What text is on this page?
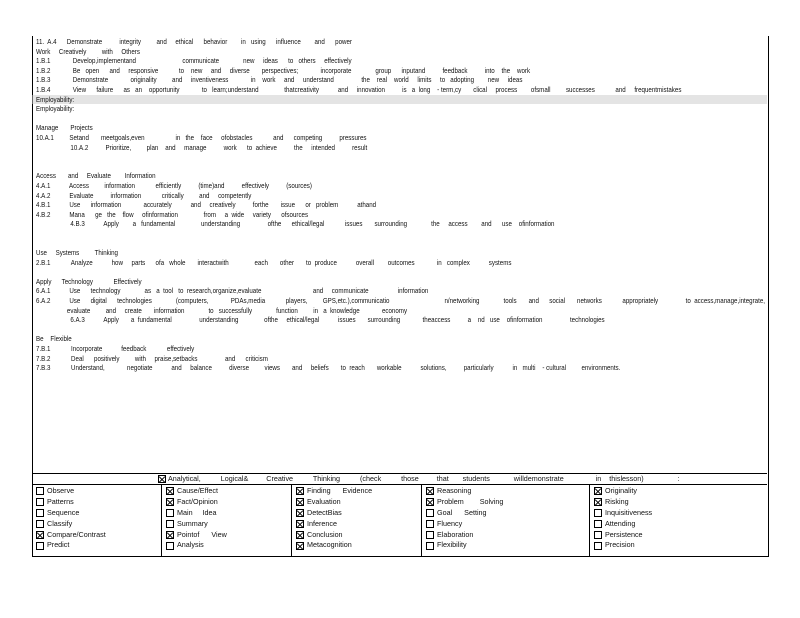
11.  A.4      Demonstrate          integrity         and     ethical      behavior        in   using      influence        and      power
Work     Creatively         with     Others
1.B.1             Develop,implementand                           communicate              new     ideas      to   others     effectively
1.B.2             Be   open      and     responsive            to    new     and     diverse       perspectives;             incorporate              group      inputand          feedback          into    the    work
1.B.3             Demonstrate             originality         and     inventiveness             in    work     and     understand                the    real    world     limits     to   adopting        new     ideas
1.B.4             View      failure      as   an    opportunity             to   learn;understand               thatcreativity           and     innovation          is   a  long    - term,cy       clical     process        ofsmall         successes            and     frequentmistakes
Employability:
Employability:
Manage       Projects
10.A.1         Setand       meetgoals,even                  in   the    face     ofobstacles            and      competing          pressures
10.A.2          Prioritize,         plan    and     manage          work      to  achieve          the     intended          result
Access       and     Evaluate        Information
4.A.1           Access         information            efficiently          (time)and          effectively          (sources)
4.A.2           Evaluate          information            critically         and     competently
4.B.1           Use      information             accurately           and     creatively          forthe       issue      or   problem           athand
4.B.2           Mana      ge   the    flow     ofinformation               from     a  wide     variety      ofsources
4.B.3           Apply        a   fundamental               understanding                ofthe      ethical/legal            issues       surrounding              the     access        and      use    ofinformation
Use     Systems         Thinking
2.B.1            Analyze           how     parts      ofa   whole       interactwith               each       other       to  produce           overall        outcomes             in   complex           systems
Apply      Technology            Effectively
6.A.1           Use      technology              as   a  tool   to  research,organize,evaluate                              and     communicate                 information
6.A.2           Use      digital      technologies              (computers,             PDAs,media            players,         GPS,etc.),communicatio                                n/networking              tools       and      social       networks            appropriately                to  access,manage,integrate,
evaluate         and     create       information              to   successfully              function         in   a  knowledge             economy
6.A.3           Apply       a  fundamental                understanding               ofthe     ethical/legal           issues       surrounding             theaccess          a    nd   use    ofinformation                technologies
Be    Flexible
7.B.1            Incorporate           feedback            effectively
7.B.2            Deal      positively         with     praise,setbacks                and      criticism
7.B.3            Understand,             negotiate           and     balance          diverse         views       and     beliefs       to  reach       workable           solutions,          particularly           in   multi    - cultural         environments.
Analytical,          Logical&         Creative          Thinking          (check          those         that       students            willdemonstrate                in    thislesson)                 :
Observe
Patterns
Sequence
Classify
Compare/Contrast
Predict
Cause/Effect
Fact/Opinion
Main     Idea
Summary
Pointof      View
Analysis
Finding      Evidence
Evaluation
DetectBias
Inference
Conclusion
Metacognition
Reasoning
Problem        Solving
Goal      Setting
Fluency
Elaboration
Flexibility
Originality
Risking
Inquisitiveness
Attending
Persistence
Precision
